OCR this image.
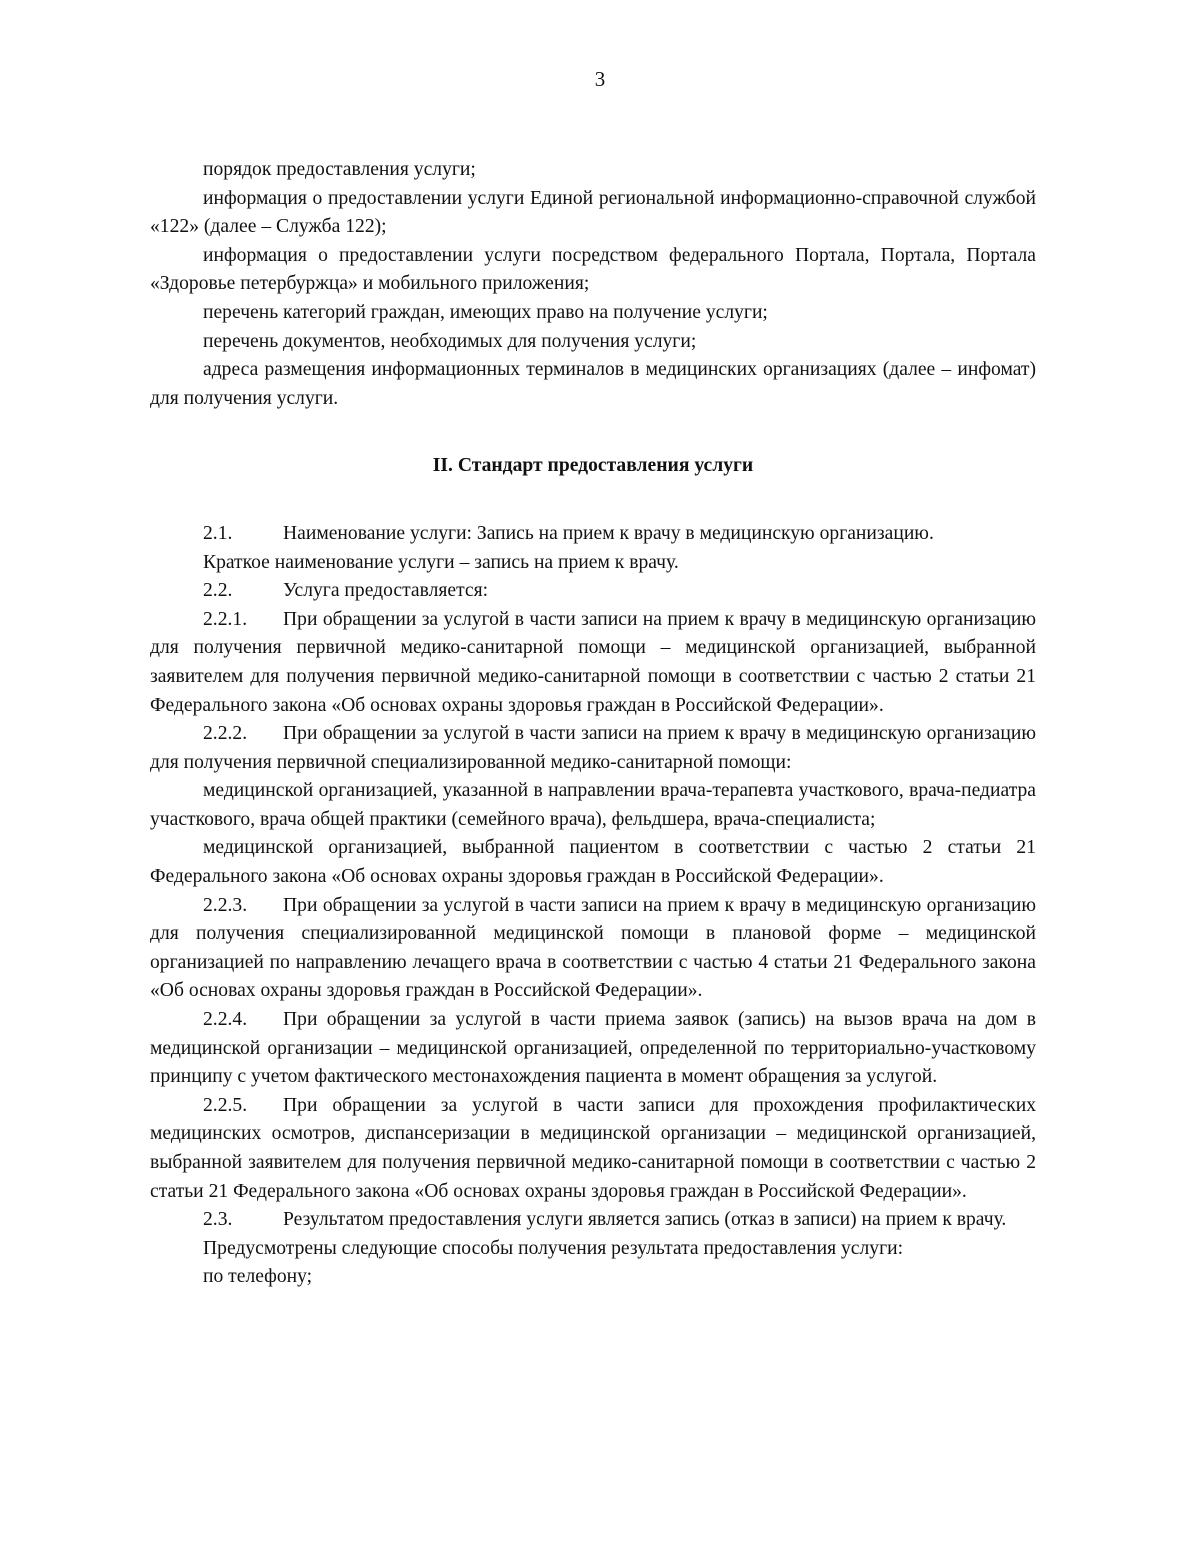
3

порядок предоставления услуги;

информация о предоставлении услуги Единой региональной информационно-справочной службой «122» (далее – Служба 122);

информация о предоставлении услуги посредством федерального Портала, Портала, Портала «Здоровье петербуржца» и мобильного приложения;

перечень категорий граждан, имеющих право на получение услуги;

перечень документов, необходимых для получения услуги;

адреса размещения информационных терминалов в медицинских организациях (далее – инфомат) для получения услуги.

II. Стандарт предоставления услуги

2.1.	Наименование услуги: Запись на прием к врачу в медицинскую организацию.

Краткое наименование услуги – запись на прием к врачу.

2.2.	Услуга предоставляется:

2.2.1. При обращении за услугой в части записи на прием к врачу в медицинскую организацию для получения первичной медико-санитарной помощи – медицинской организацией, выбранной заявителем для получения первичной медико-санитарной помощи в соответствии с частью 2 статьи 21 Федерального закона «Об основах охраны здоровья граждан в Российской Федерации».

2.2.2. При обращении за услугой в части записи на прием к врачу в медицинскую организацию для получения первичной специализированной медико-санитарной помощи:

медицинской организацией, указанной в направлении врача-терапевта участкового, врача-педиатра участкового, врача общей практики (семейного врача), фельдшера, врача-специалиста;

медицинской организацией, выбранной пациентом в соответствии с частью 2 статьи 21 Федерального закона «Об основах охраны здоровья граждан в Российской Федерации».

2.2.3. При обращении за услугой в части записи на прием к врачу в медицинскую организацию для получения специализированной медицинской помощи в плановой форме – медицинской организацией по направлению лечащего врача в соответствии с частью 4 статьи 21 Федерального закона «Об основах охраны здоровья граждан в Российской Федерации».

2.2.4. При обращении за услугой в части приема заявок (запись) на вызов врача на дом в медицинской организации – медицинской организацией, определенной по территориально-участковому принципу с учетом фактического местонахождения пациента в момент обращения за услугой.

2.2.5. При обращении за услугой в части записи для прохождения профилактических медицинских осмотров, диспансеризации в медицинской организации – медицинской организацией, выбранной заявителем для получения первичной медико-санитарной помощи в соответствии с частью 2 статьи 21 Федерального закона «Об основах охраны здоровья граждан в Российской Федерации».

2.3.	Результатом предоставления услуги является запись (отказ в записи) на прием к врачу.

Предусмотрены следующие способы получения результата предоставления услуги:

по телефону;
